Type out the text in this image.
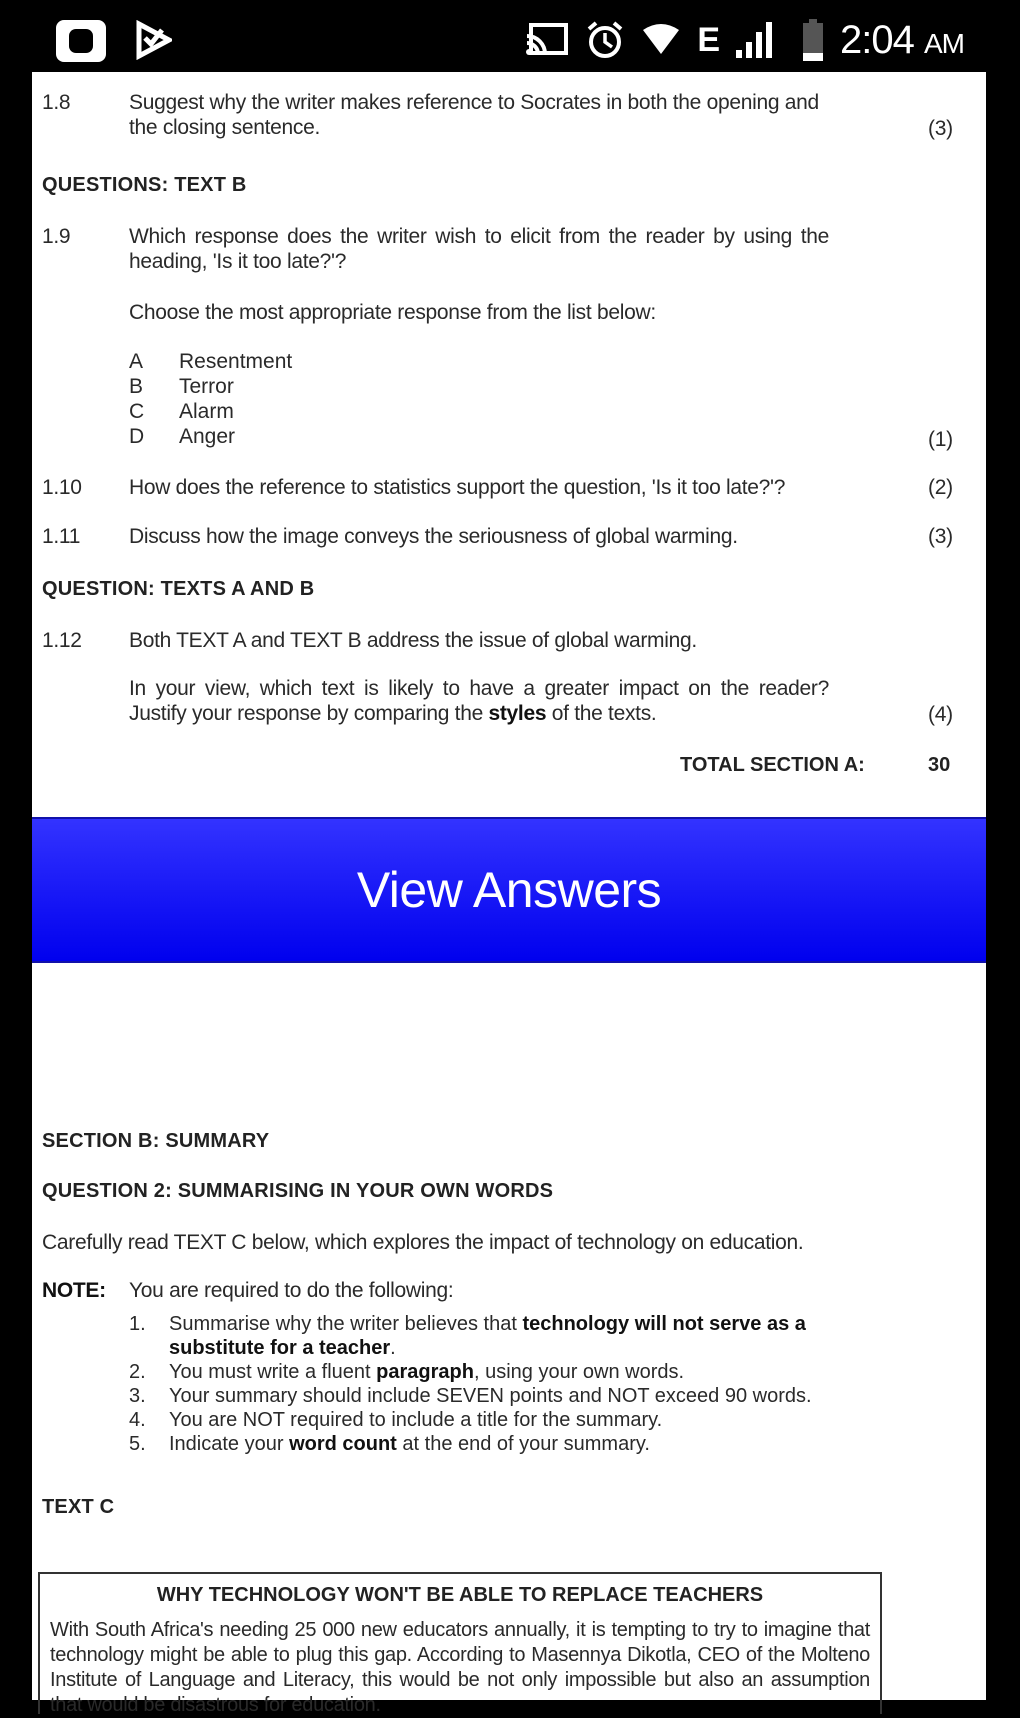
E	2:04 AM
1.8	Suggest why the writer makes reference to Socrates in both the opening and the closing sentence.	(3)
QUESTIONS: TEXT B
1.9	Which response does the writer wish to elicit from the reader by using the heading, 'Is it too late?'?
Choose the most appropriate response from the list below:
A Resentment
B Terror
C Alarm
D Anger	(1)
1.10 How does the reference to statistics support the question, 'Is it too late?'?	(2)
1.11 Discuss how the image conveys the seriousness of global warming.	(3)
QUESTION: TEXTS A AND B
1.12 Both TEXT A and TEXT B address the issue of global warming.
In your view, which text is likely to have a greater impact on the reader? Justify your response by comparing the styles of the texts.	(4)
TOTAL SECTION A:	30
View Answers
SECTION B: SUMMARY
QUESTION 2: SUMMARISING IN YOUR OWN WORDS
Carefully read TEXT C below, which explores the impact of technology on education.
NOTE: You are required to do the following:
1. Summarise why the writer believes that technology will not serve as a substitute for a teacher.
2. You must write a fluent paragraph, using your own words.
3. Your summary should include SEVEN points and NOT exceed 90 words.
4. You are NOT required to include a title for the summary.
5. Indicate your word count at the end of your summary.
TEXT C
WHY TECHNOLOGY WON'T BE ABLE TO REPLACE TEACHERS
With South Africa's needing 25 000 new educators annually, it is tempting to try to imagine that technology might be able to plug this gap. According to Masennya Dikotla, CEO of the Molteno Institute of Language and Literacy, this would be not only impossible but also an assumption that would be disastrous for education.
